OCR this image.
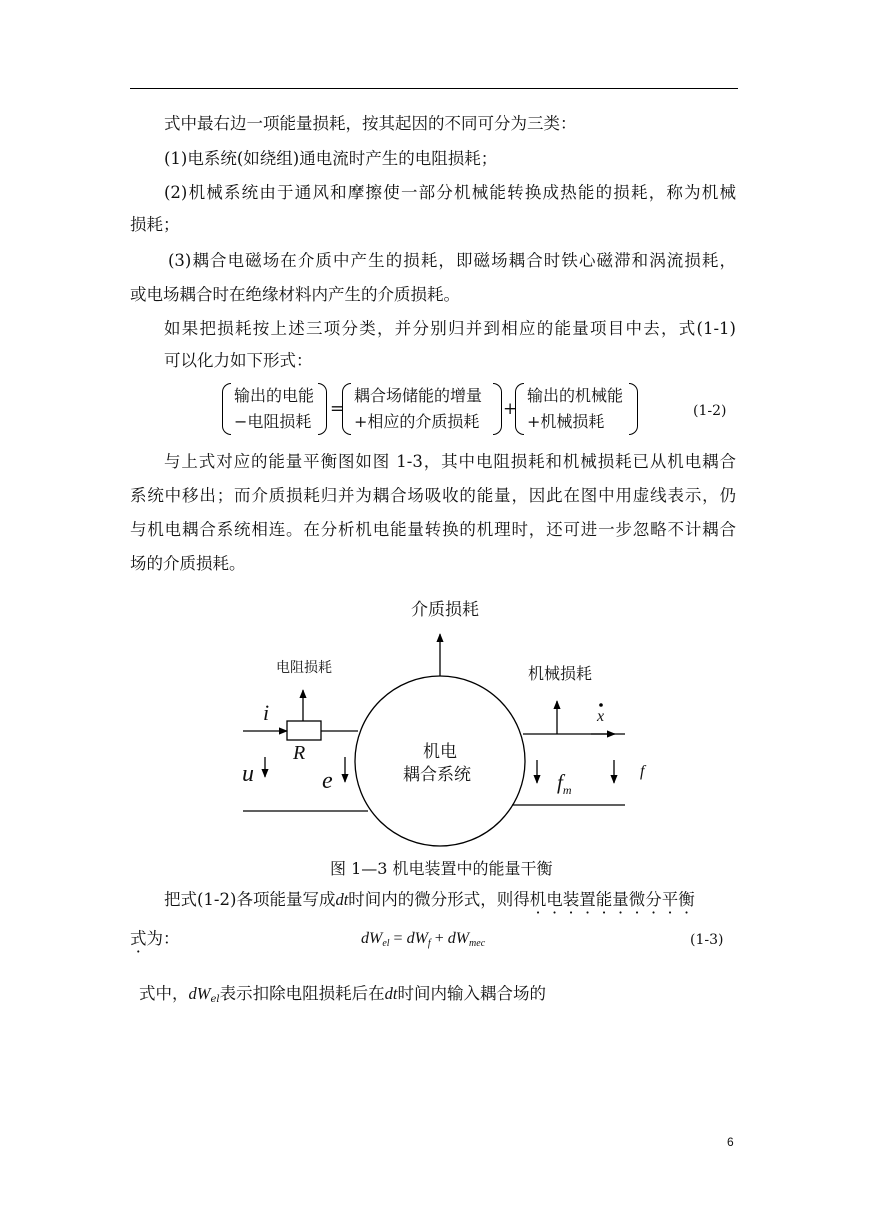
式中最右边一项能量损耗，按其起因的不同可分为三类：
(1)电系统(如绕组)通电流时产生的电阻损耗；
(2)机械系统由于通风和摩擦使一部分机械能转换成热能的损耗，称为机械
损耗；
(3)耦合电磁场在介质中产生的损耗，即磁场耦合时铁心磁滞和涡流损耗，
或电场耦合时在绝缘材料内产生的介质损耗。
如果把损耗按上述三项分类，并分别归并到相应的能量项目中去，式(1-1)
可以化力如下形式：
输出的电能
−电阻损耗
=
耦合场储能的增量
+相应的介质损耗
+
输出的机械能
+机械损耗
(1-2)
与上式对应的能量平衡图如图 1-3，其中电阻损耗和机械损耗已从机电耦合
系统中移出；而介质损耗归并为耦合场吸收的能量，因此在图中用虚线表示，仍
与机电耦合系统相连。在分析机电能量转换的机理时，还可进一步忽略不计耦合
场的介质损耗。
介质损耗
电阻损耗	机械损耗
机电
耦合系统
i
R
u	e	f
$f_m$
x
图 1—3 机电装置中的能量干衡
把式(1-2)各项能量写成dt时间内的微分形式，则得机电装置能量微分平衡
式为：	$dW_{el} = dW_f + dW_{mec}$	(1-3)
式中，$dW_{el}$表示扣除电阻损耗后在dt时间内输入耦合场的
6
